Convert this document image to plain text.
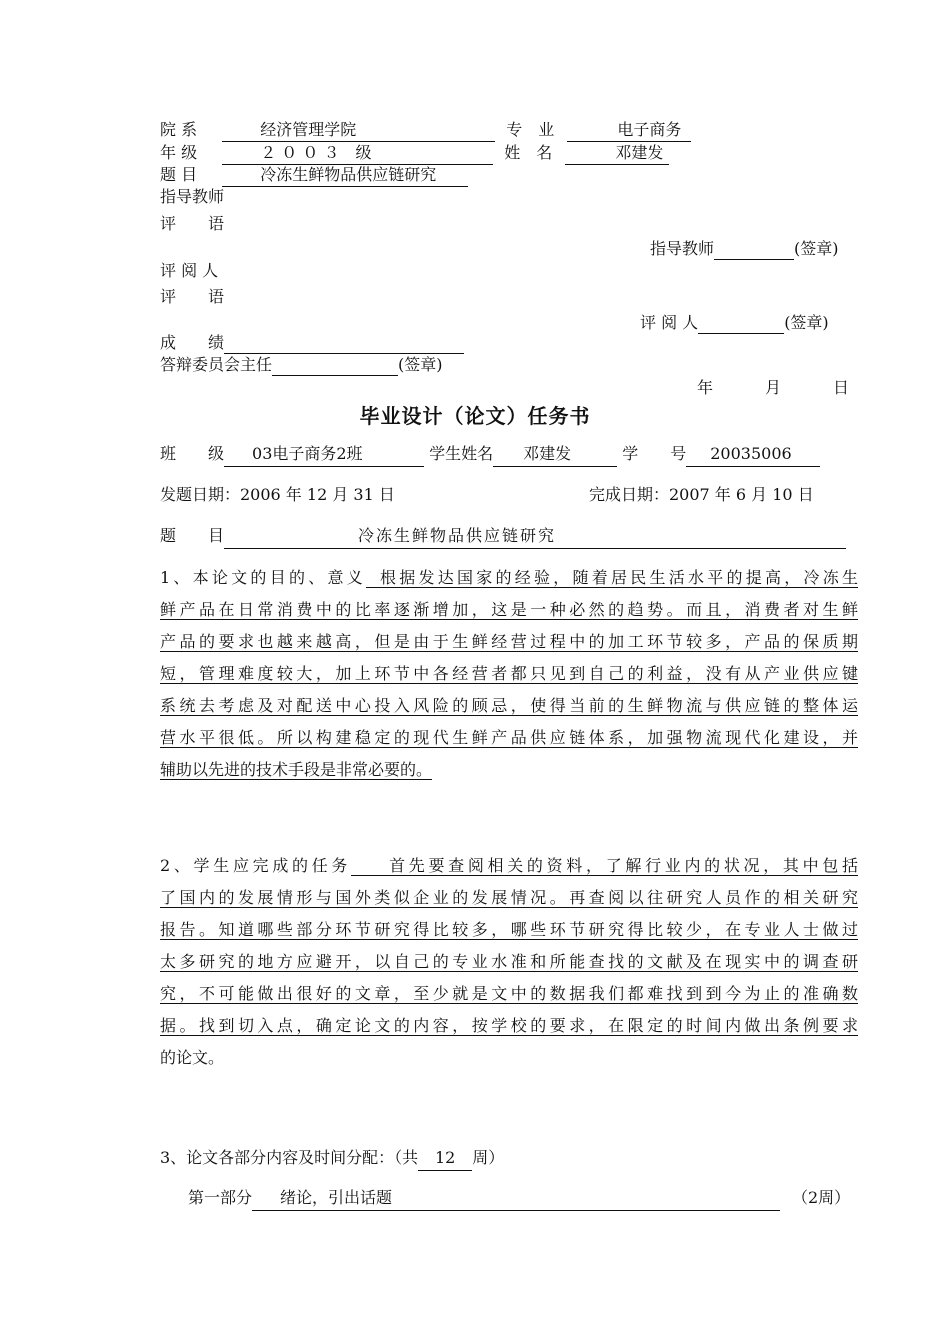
院 系	经济管理学院	专　业	电子商务
年 级	２ ０ ０ ３　级	姓　名	邓建发
题 目	冷冻生鲜物品供应链研究
指导教师
评　　语
指导教师	(签章)
评 阅 人
评　　语
评 阅 人	(签章)
成　　绩
答辩委员会主任	(签章)
年	月	日
毕业设计（论文）任务书
班　　级 03电子商务2班	学生姓名 邓建发	学　　号 20035006
发题日期：2006 年 12 月 31 日	完成日期：2007 年 6 月 10 日
题　　目	冷冻生鲜物品供应链研究
1、本论文的目的、意义 根据发达国家的经验，随着居民生活水平的提高，冷冻生
鲜产品在日常消费中的比率逐渐增加，这是一种必然的趋势。而且，消费者对生鲜
产品的要求也越来越高，但是由于生鲜经营过程中的加工环节较多，产品的保质期
短，管理难度较大，加上环节中各经营者都只见到自己的利益，没有从产业供应键
系统去考虑及对配送中心投入风险的顾忌，使得当前的生鲜物流与供应链的整体运
营水平很低。所以构建稳定的现代生鲜产品供应链体系，加强物流现代化建设，并
辅助以先进的技术手段是非常必要的。
2、学生应完成的任务 首先要查阅相关的资料，了解行业内的状况，其中包括
了国内的发展情形与国外类似企业的发展情况。再查阅以往研究人员作的相关研究
报告。知道哪些部分环节研究得比较多，哪些环节研究得比较少，在专业人士做过
太多研究的地方应避开，以自己的专业水准和所能查找的文献及在现实中的调查研
究，不可能做出很好的文章，至少就是文中的数据我们都难找到到今为止的准确数
据。找到切入点，确定论文的内容，按学校的要求，在限定的时间内做出条例要求
的论文。
3、论文各部分内容及时间分配：（共 12 周）
第一部分 绪论，引出话题	（2周）
